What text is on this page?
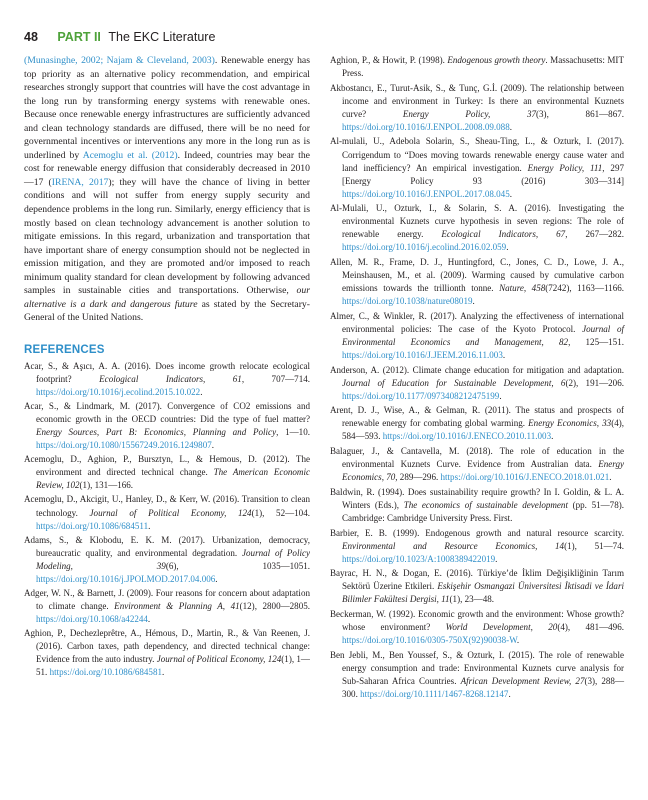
48 PART II The EKC Literature

(Munasinghe, 2002; Najam & Cleveland, 2003). Renewable energy has top priority as an alternative policy recommendation, and empirical researches strongly support that countries will have the cost advantage in the long run by transforming energy systems with renewable ones. Because once renewable energy infrastructures are sufficiently advanced and clean technology standards are diffused, there will be no need for governmental incentives or interventions any more in the long run as is underlined by Acemoglu et al. (2012). Indeed, countries may bear the cost for renewable energy diffusion that considerably decreased in 2010—17 (IRENA, 2017); they will have the chance of living in better conditions and will not suffer from energy supply security and dependence problems in the long run. Similarly, energy efficiency that is mostly based on clean technology advancement is another solution to mitigate emissions. In this regard, urbanization and transportation that have important share of energy consumption should not be neglected in emission mitigation, and they are promoted and/or imposed to reach minimum quality standard for clean development by following advanced samples in sustainable cities and transportations. Otherwise, our alternative is a dark and dangerous future as stated by the Secretary-General of the United Nations.

REFERENCES

Acar, S., & Aşıcı, A. A. (2016). Does income growth relocate ecological footprint? Ecological Indicators, 61, 707—714. https://doi.org/10.1016/j.ecolind.2015.10.022.

Acar, S., & Lindmark, M. (2017). Convergence of CO2 emissions and economic growth in the OECD countries: Did the type of fuel matter? Energy Sources, Part B: Economics, Planning and Policy, 1—10. https://doi.org/10.1080/15567249.2016.1249807.

Acemoglu, D., Aghion, P., Bursztyn, L., & Hemous, D. (2012). The environment and directed technical change. The American Economic Review, 102(1), 131—166.

Acemoglu, D., Akcigit, U., Hanley, D., & Kerr, W. (2016). Transition to clean technology. Journal of Political Economy, 124(1), 52—104. https://doi.org/10.1086/684511.

Adams, S., & Klobodu, E. K. M. (2017). Urbanization, democracy, bureaucratic quality, and environmental degradation. Journal of Policy Modeling, 39(6), 1035—1051. https://doi.org/10.1016/j.JPOLMOD.2017.04.006.

Adger, W. N., & Barnett, J. (2009). Four reasons for concern about adaptation to climate change. Environment & Planning A, 41(12), 2800—2805. https://doi.org/10.1068/a42244.

Aghion, P., Dechezleprêtre, A., Hémous, D., Martin, R., & Van Reenen, J. (2016). Carbon taxes, path dependency, and directed technical change: Evidence from the auto industry. Journal of Political Economy, 124(1), 1—51. https://doi.org/10.1086/684581.

Aghion, P., & Howit, P. (1998). Endogenous growth theory. Massachusetts: MIT Press.

Akbostancı, E., Turut-Asik, S., & Tunç, G.İ. (2009). The relationship between income and environment in Turkey: Is there an environmental Kuznets curve? Energy Policy, 37(3), 861—867. https://doi.org/10.1016/J.ENPOL.2008.09.088.

Al-mulali, U., Adebola Solarin, S., Sheau-Ting, L., & Ozturk, I. (2017). Corrigendum to “Does moving towards renewable energy cause water and land inefficiency? An empirical investigation. Energy Policy, 111, 297 [Energy Policy 93 (2016) 303—314] https://doi.org/10.1016/J.ENPOL.2017.08.045.

Al-Mulali, U., Ozturk, I., & Solarin, S. A. (2016). Investigating the environmental Kuznets curve hypothesis in seven regions: The role of renewable energy. Ecological Indicators, 67, 267—282. https://doi.org/10.1016/j.ecolind.2016.02.059.

Allen, M. R., Frame, D. J., Huntingford, C., Jones, C. D., Lowe, J. A., Meinshausen, M., et al. (2009). Warming caused by cumulative carbon emissions towards the trillionth tonne. Nature, 458(7242), 1163—1166. https://doi.org/10.1038/nature08019.

Almer, C., & Winkler, R. (2017). Analyzing the effectiveness of international environmental policies: The case of the Kyoto Protocol. Journal of Environmental Economics and Management, 82, 125—151. https://doi.org/10.1016/J.JEEM.2016.11.003.

Anderson, A. (2012). Climate change education for mitigation and adaptation. Journal of Education for Sustainable Development, 6(2), 191—206. https://doi.org/10.1177/0973408212475199.

Arent, D. J., Wise, A., & Gelman, R. (2011). The status and prospects of renewable energy for combating global warming. Energy Economics, 33(4), 584—593. https://doi.org/10.1016/J.ENECO.2010.11.003.

Balaguer, J., & Cantavella, M. (2018). The role of education in the environmental Kuznets Curve. Evidence from Australian data. Energy Economics, 70, 289—296. https://doi.org/10.1016/J.ENECO.2018.01.021.

Baldwin, R. (1994). Does sustainability require growth? In I. Goldin, & L. A. Winters (Eds.), The economics of sustainable development (pp. 51—78). Cambridge: Cambridge University Press. First.

Barbier, E. B. (1999). Endogenous growth and natural resource scarcity. Environmental and Resource Economics, 14(1), 51—74. https://doi.org/10.1023/A:1008389422019.

Bayrac, H. N., & Dogan, E. (2016). Türkiye’de İklim Değişikliğinin Tarım Sektörü Üzerine Etkileri. Eskişehir Osmangazi Üniversitesi İktisadi ve İdari Bilimler Fakültesi Dergisi, 11(1), 23—48.

Beckerman, W. (1992). Economic growth and the environment: Whose growth? whose environment? World Development, 20(4), 481—496. https://doi.org/10.1016/0305-750X(92)90038-W.

Ben Jebli, M., Ben Youssef, S., & Ozturk, I. (2015). The role of renewable energy consumption and trade: Environmental Kuznets curve analysis for Sub-Saharan Africa Countries. African Development Review, 27(3), 288—300. https://doi.org/10.1111/1467-8268.12147.
